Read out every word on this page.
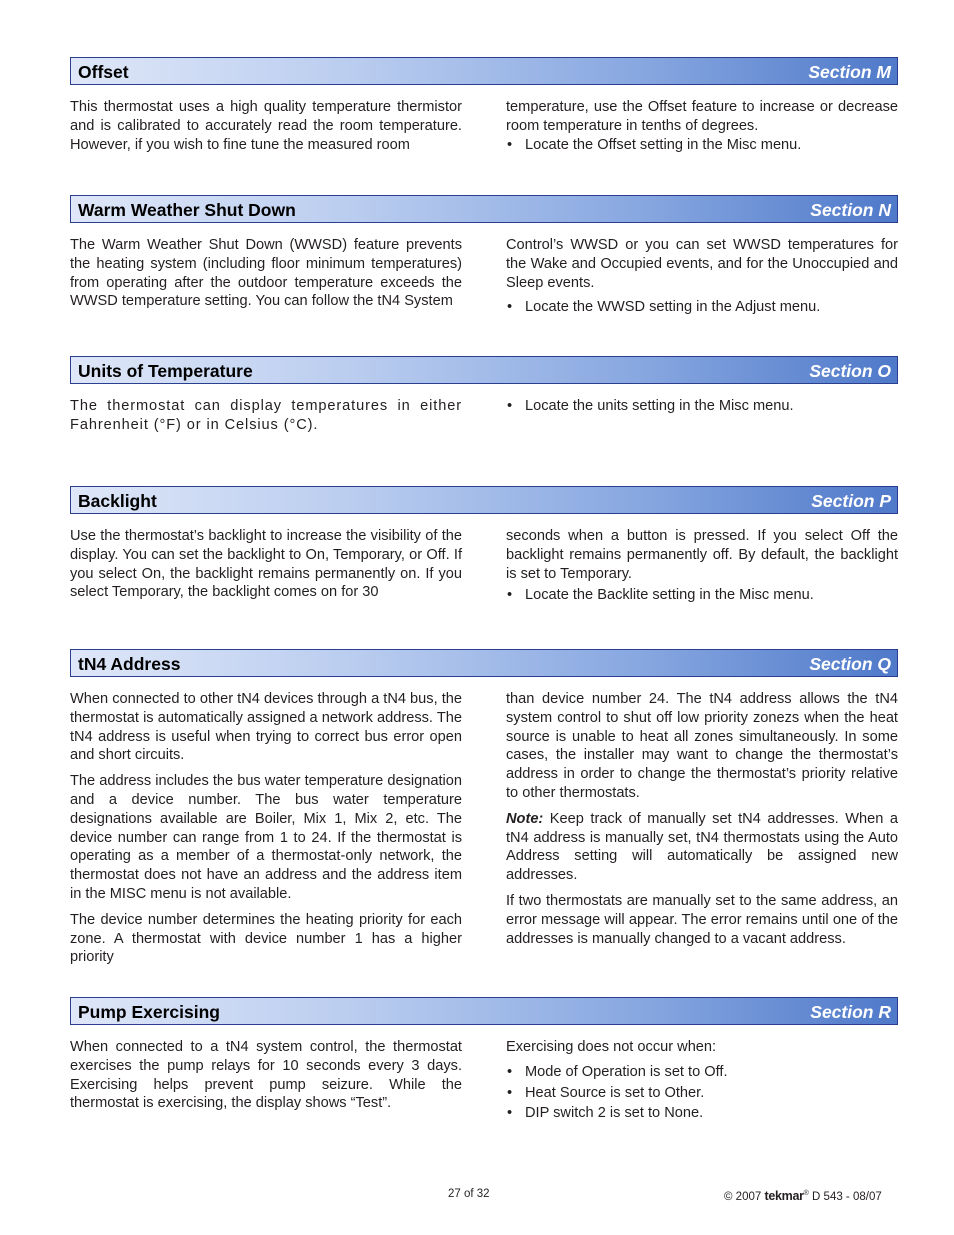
Offset	Section M

This thermostat uses a high quality temperature thermistor and is calibrated to accurately read the room temperature. However, if you wish to fine tune the measured room

temperature, use the Offset feature to increase or decrease room temperature in tenths of degrees.

• Locate the Offset setting in the Misc menu.
Warm Weather Shut Down	Section N

The Warm Weather Shut Down (WWSD) feature prevents the heating system (including floor minimum temperatures) from operating after the outdoor temperature exceeds the WWSD temperature setting. You can follow the tN4 System

Control’s WWSD or you can set WWSD temperatures for the Wake and Occupied events, and for the Unoccupied and Sleep events.

• Locate the WWSD setting in the Adjust menu.
Units of Temperature	Section O

The thermostat can display temperatures in either Fahrenheit (°F) or in Celsius (°C).

• Locate the units setting in the Misc menu.
Backlight	Section P

Use the thermostat’s backlight to increase the visibility of the display. You can set the backlight to On, Temporary, or Off. If you select On, the backlight remains permanently on. If you select Temporary, the backlight comes on for 30

seconds when a button is pressed. If you select Off the backlight remains permanently off. By default, the backlight is set to Temporary.

• Locate the Backlite setting in the Misc menu.
tN4 Address	Section Q

When connected to other tN4 devices through a tN4 bus, the thermostat is automatically assigned a network address. The tN4 address is useful when trying to correct bus error open and short circuits.

The address includes the bus water temperature designation and a device number. The bus water temperature designations available are Boiler, Mix 1, Mix 2, etc. The device number can range from 1 to 24. If the thermostat is operating as a member of a thermostat-only network, the thermostat does not have an address and the address item in the MISC menu is not available.

The device number determines the heating priority for each zone. A thermostat with device number 1 has a higher priority

than device number 24. The tN4 address allows the tN4 system control to shut off low priority zonezs when the heat source is unable to heat all zones simultaneously. In some cases, the installer may want to change the thermostat’s address in order to change the thermostat’s priority relative to other thermostats.

Note: Keep track of manually set tN4 addresses. When a tN4 address is manually set, tN4 thermostats using the Auto Address setting will automatically be assigned new addresses.

If two thermostats are manually set to the same address, an error message will appear. The error remains until one of the addresses is manually changed to a vacant address.

Pump Exercising	Section R

When connected to a tN4 system control, the thermostat exercises the pump relays for 10 seconds every 3 days. Exercising helps prevent pump seizure. While the thermostat is exercising, the display shows “Test”.

Exercising does not occur when:

• Mode of Operation is set to Off.
• Heat Source is set to Other.
• DIP switch 2 is set to None.
27 of 32	© 2007 tekmar® D 543 - 08/07
